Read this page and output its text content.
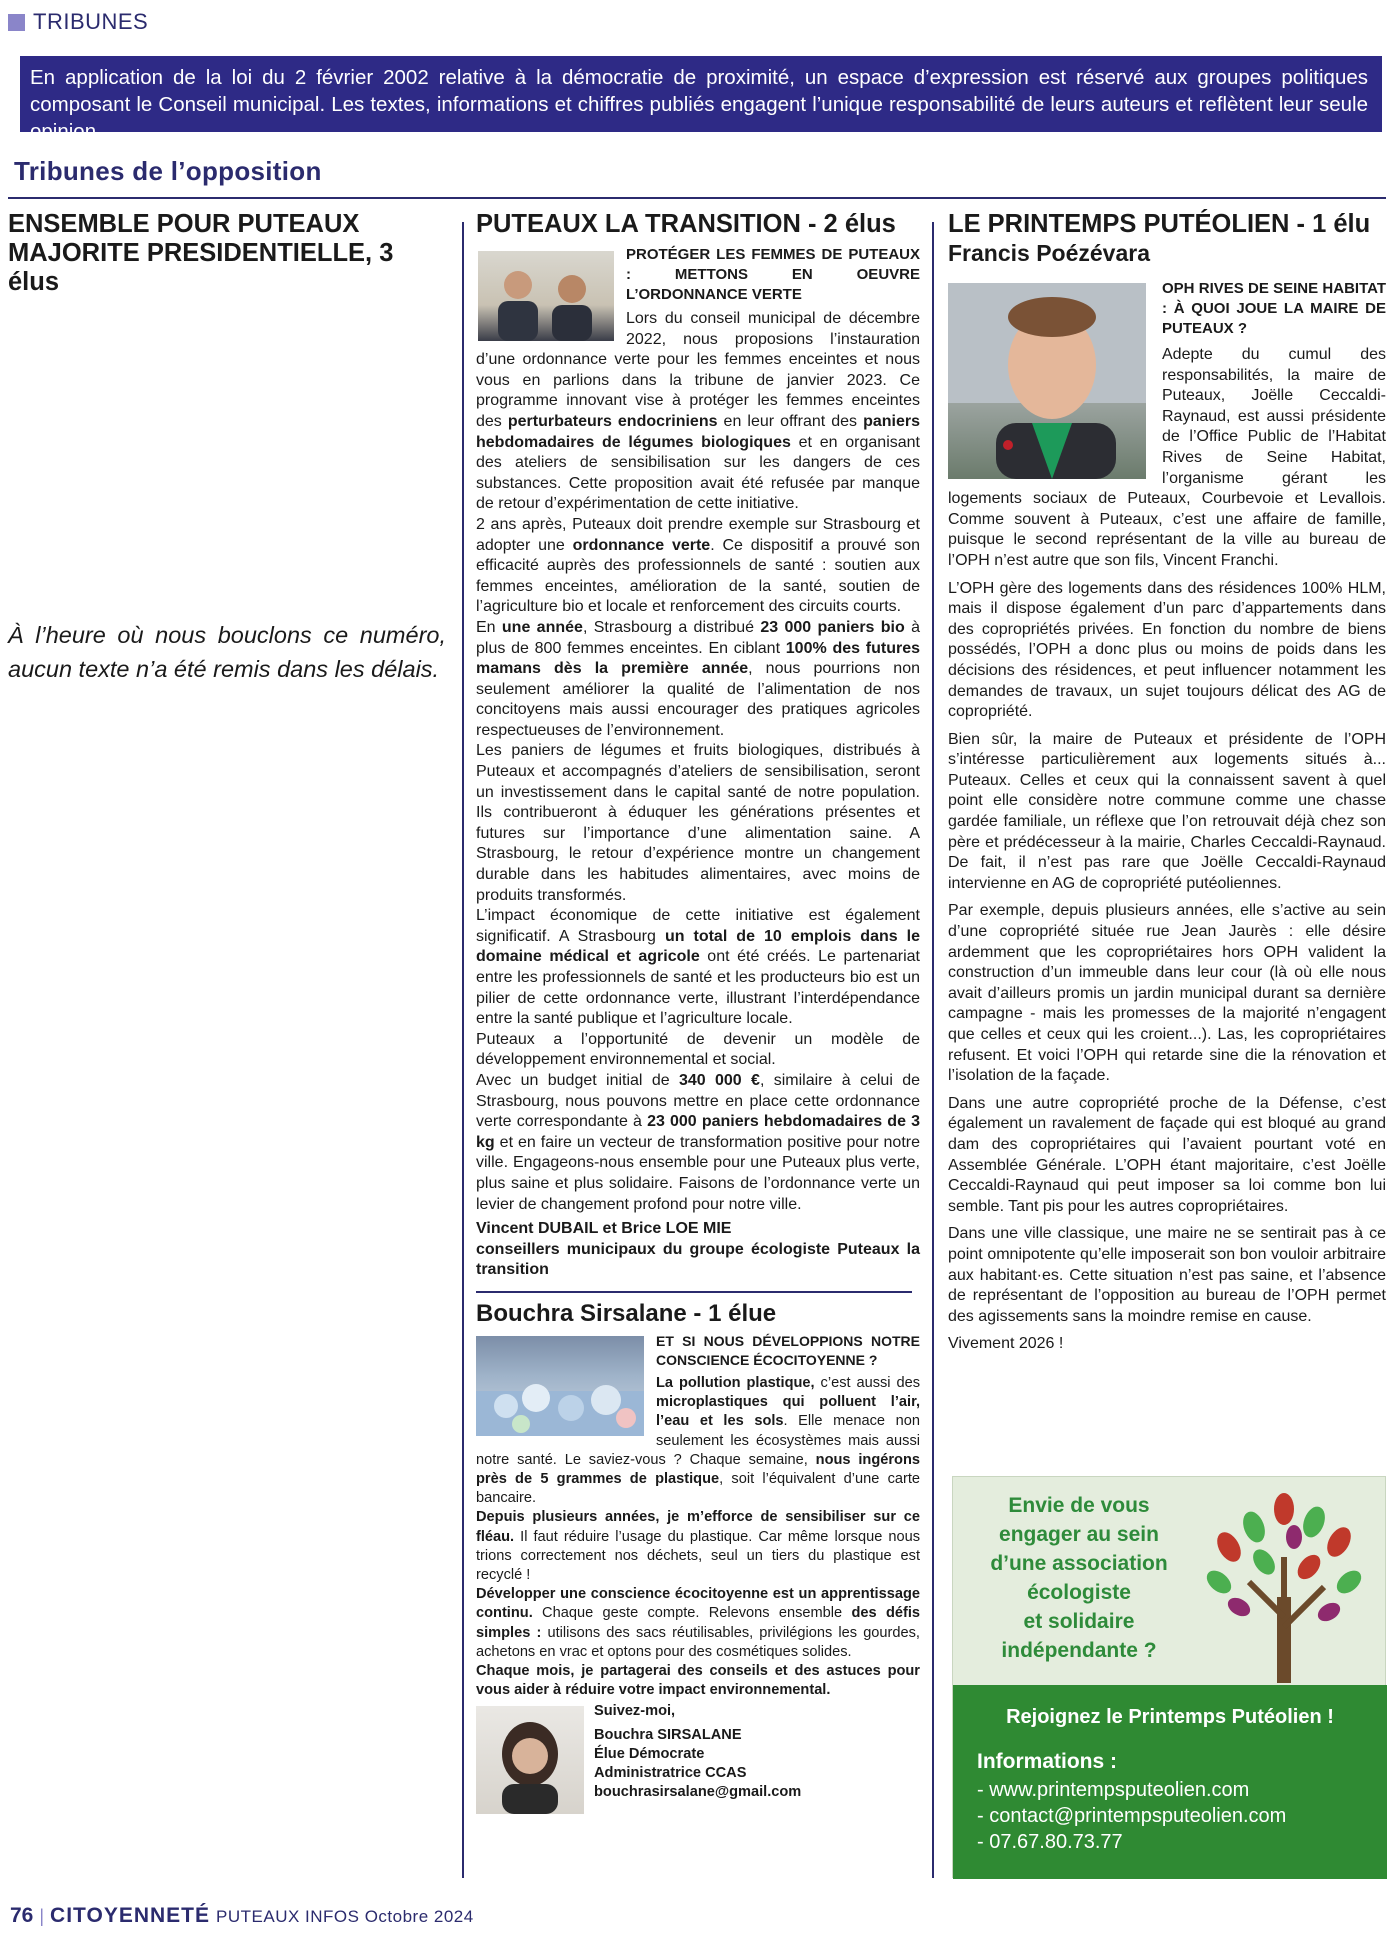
TRIBUNES
En application de la loi du 2 février 2002 relative à la démocratie de proximité, un espace d’expression est réservé aux groupes politiques composant le Conseil municipal. Les textes, informations et chiffres publiés engagent l’unique responsabilité de leurs auteurs et reflètent leur seule opinion.
Tribunes de l’opposition
ENSEMBLE POUR PUTEAUX
MAJORITE PRESIDENTIELLE, 3 élus
À l’heure où nous bouclons ce numéro, aucun texte n’a été remis dans les délais.
PUTEAUX LA TRANSITION - 2 élus
PROTÉGER LES FEMMES DE PUTEAUX : METTONS EN OEUVRE L’ORDONNANCE VERTE

Lors du conseil municipal de décembre 2022, nous proposions l’instauration d’une ordonnance verte pour les femmes enceintes et nous vous en parlions dans la tribune de janvier 2023. Ce programme innovant vise à protéger les femmes enceintes des perturbateurs endocriniens en leur offrant des paniers hebdomadaires de légumes biologiques et en organisant des ateliers de sensibilisation sur les dangers de ces substances. Cette proposition avait été refusée par manque de retour d’expérimentation de cette initiative.

2 ans après, Puteaux doit prendre exemple sur Strasbourg et adopter une ordonnance verte. Ce dispositif a prouvé son efficacité auprès des professionnels de santé : soutien aux femmes enceintes, amélioration de la santé, soutien de l’agriculture bio et locale et renforcement des circuits courts.

En une année, Strasbourg a distribué 23 000 paniers bio à plus de 800 femmes enceintes. En ciblant 100% des futures mamans dès la première année, nous pourrions non seulement améliorer la qualité de l’alimentation de nos concitoyens mais aussi encourager des pratiques agricoles respectueuses de l’environnement.

Les paniers de légumes et fruits biologiques, distribués à Puteaux et accompagnés d’ateliers de sensibilisation, seront un investissement dans le capital santé de notre population. Ils contribueront à éduquer les générations présentes et futures sur l’importance d’une alimentation saine. A Strasbourg, le retour d’expérience montre un changement durable dans les habitudes alimentaires, avec moins de produits transformés.

L’impact économique de cette initiative est également significatif. A Strasbourg un total de 10 emplois dans le domaine médical et agricole ont été créés. Le partenariat entre les professionnels de santé et les producteurs bio est un pilier de cette ordonnance verte, illustrant l’interdépendance entre la santé publique et l’agriculture locale.

Puteaux a l’opportunité de devenir un modèle de développement environnemental et social.

Avec un budget initial de 340 000 €, similaire à celui de Strasbourg, nous pouvons mettre en place cette ordonnance verte correspondante à 23 000 paniers hebdomadaires de 3 kg et en faire un vecteur de transformation positive pour notre ville. Engageons-nous ensemble pour une Puteaux plus verte, plus saine et plus solidaire. Faisons de l’ordonnance verte un levier de changement profond pour notre ville.

Vincent DUBAIL et Brice LOE MIE

conseillers municipaux du groupe écologiste Puteaux la transition

Bouchra Sirsalane - 1 élue
ET SI NOUS DÉVELOPPIONS NOTRE CONSCIENCE ÉCOCITOYENNE ?

La pollution plastique, c’est aussi des microplastiques qui polluent l’air, l’eau et les sols. Elle menace non seulement les écosystèmes mais aussi notre santé. Le saviez-vous ? Chaque semaine, nous ingérons près de 5 grammes de plastique, soit l’équivalent d’une carte bancaire.

Depuis plusieurs années, je m’efforce de sensibiliser sur ce fléau. Il faut réduire l’usage du plastique. Car même lorsque nous trions correctement nos déchets, seul un tiers du plastique est recyclé !

Développer une conscience écocitoyenne est un apprentissage continu. Chaque geste compte. Relevons ensemble des défis simples : utilisons des sacs réutilisables, privilégions les gourdes, achetons en vrac et optons pour des cosmétiques solides.

Chaque mois, je partagerai des conseils et des astuces pour vous aider à réduire votre impact environnemental.

Suivez-moi,

Bouchra SIRSALANE

Élue Démocrate

Administratrice CCAS

bouchrasirsalane@gmail.com

LE PRINTEMPS PUTÉOLIEN - 1 élu
Francis Poézévara
OPH RIVES DE SEINE HABITAT : À QUOI JOUE LA MAIRE DE PUTEAUX ?

Adepte du cumul des responsabilités, la maire de Puteaux, Joëlle Ceccaldi-Raynaud, est aussi présidente de l’Office Public de l’Habitat Rives de Seine Habitat, l’organisme gérant les logements sociaux de Puteaux, Courbevoie et Levallois. Comme souvent à Puteaux, c’est une affaire de famille, puisque le second représentant de la ville au bureau de l’OPH n’est autre que son fils, Vincent Franchi.

L’OPH gère des logements dans des résidences 100% HLM, mais il dispose également d’un parc d’appartements dans des copropriétés privées. En fonction du nombre de biens possédés, l’OPH a donc plus ou moins de poids dans les décisions des résidences, et peut influencer notamment les demandes de travaux, un sujet toujours délicat des AG de copropriété.

Bien sûr, la maire de Puteaux et présidente de l’OPH s’intéresse particulièrement aux logements situés à... Puteaux. Celles et ceux qui la connaissent savent à quel point elle considère notre commune comme une chasse gardée familiale, un réflexe que l’on retrouvait déjà chez son père et prédécesseur à la mairie, Charles Ceccaldi-Raynaud. De fait, il n’est pas rare que Joëlle Ceccaldi-Raynaud intervienne en AG de copropriété putéoliennes.

Par exemple, depuis plusieurs années, elle s’active au sein d’une copropriété située rue Jean Jaurès : elle désire ardemment que les copropriétaires hors OPH valident la construction d’un immeuble dans leur cour (là où elle nous avait d’ailleurs promis un jardin municipal durant sa dernière campagne - mais les promesses de la majorité n’engagent que celles et ceux qui les croient...). Las, les copropriétaires refusent. Et voici l’OPH qui retarde sine die la rénovation et l’isolation de la façade.

Dans une autre copropriété proche de la Défense, c’est également un ravalement de façade qui est bloqué au grand dam des copropriétaires qui l’avaient pourtant voté en Assemblée Générale. L’OPH étant majoritaire, c’est Joëlle Ceccaldi-Raynaud qui peut imposer sa loi comme bon lui semble. Tant pis pour les autres copropriétaires.

Dans une ville classique, une maire ne se sentirait pas à ce point omnipotente qu’elle imposerait son bon vouloir arbitraire aux habitant·es. Cette situation n’est pas saine, et l’absence de représentant de l’opposition au bureau de l’OPH permet des agissements sans la moindre remise en cause.

Vivement 2026 !

Envie de vous
engager au sein
d’une association
écologiste
et solidaire
indépendante ?
Rejoignez le Printemps Putéolien !
Informations :
- www.printempsputeolien.com
- contact@printempsputeolien.com
- 07.67.80.73.77
76 | CITOYENNETÉ PUTEAUX INFOS Octobre 2024
